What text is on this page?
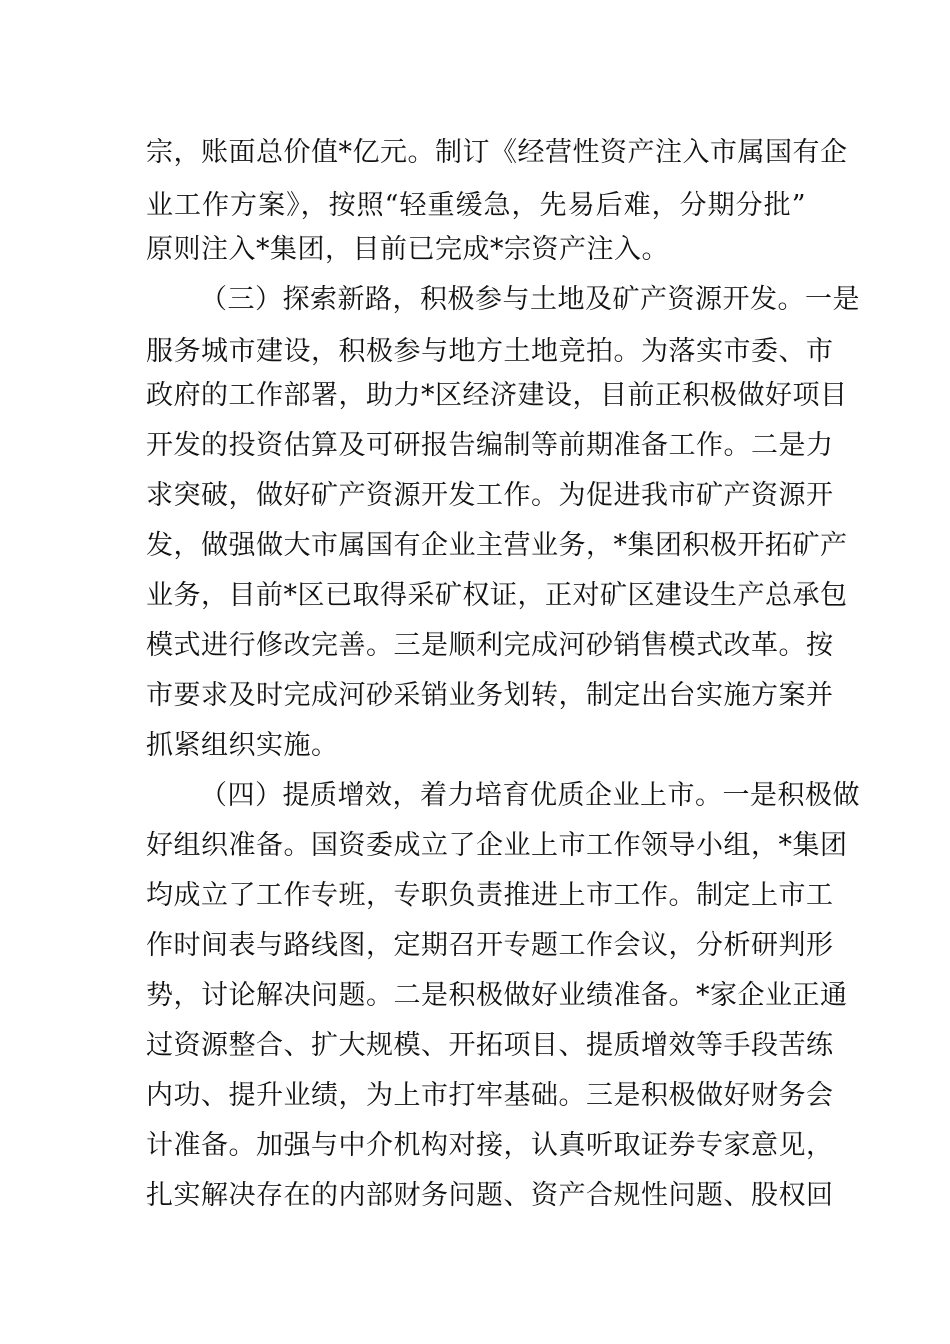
宗，账面总价值*亿元。制订《经营性资产注入市属国有企
业工作方案》，按照“轻重缓急，先易后难，分期分批”
原则注入*集团，目前已完成*宗资产注入。
（三）探索新路，积极参与土地及矿产资源开发。一是
服务城市建设，积极参与地方土地竞拍。为落实市委、市
政府的工作部署，助力*区经济建设，目前正积极做好项目
开发的投资估算及可研报告编制等前期准备工作。二是力
求突破，做好矿产资源开发工作。为促进我市矿产资源开
发，做强做大市属国有企业主营业务，*集团积极开拓矿产
业务，目前*区已取得采矿权证，正对矿区建设生产总承包
模式进行修改完善。三是顺利完成河砂销售模式改革。按
市要求及时完成河砂采销业务划转，制定出台实施方案并
抓紧组织实施。
（四）提质增效，着力培育优质企业上市。一是积极做
好组织准备。国资委成立了企业上市工作领导小组，*集团
均成立了工作专班，专职负责推进上市工作。制定上市工
作时间表与路线图，定期召开专题工作会议，分析研判形
势，讨论解决问题。二是积极做好业绩准备。*家企业正通
过资源整合、扩大规模、开拓项目、提质增效等手段苦练
内功、提升业绩，为上市打牢基础。三是积极做好财务会
计准备。加强与中介机构对接，认真听取证券专家意见，
扎实解决存在的内部财务问题、资产合规性问题、股权回
